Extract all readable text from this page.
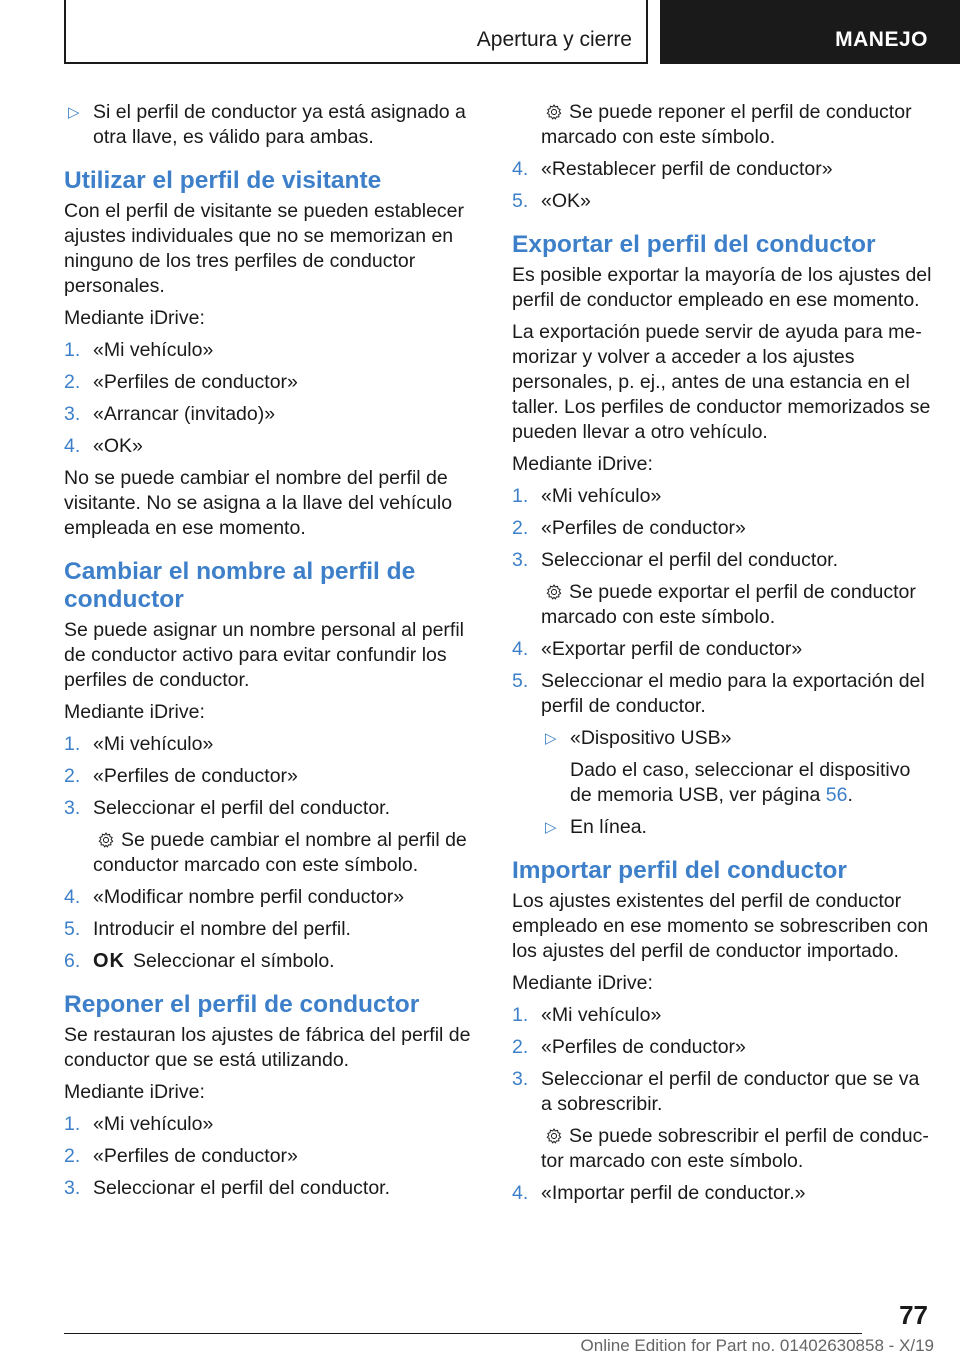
Apertura y cierre	MANEJO
▷ Si el perfil de conductor ya está asignado a otra llave, es válido para ambas.
Utilizar el perfil de visitante

Con el perfil de visitante se pueden establecer ajustes individuales que no se memorizan en ninguno de los tres perfiles de conductor personales.

Mediante iDrive:

1. «Mi vehículo»
2. «Perfiles de conductor»
3. «Arrancar (invitado)»
4. «OK»

No se puede cambiar el nombre del perfil de visitante. No se asigna a la llave del vehículo empleada en ese momento.

Cambiar el nombre al perfil de conductor

Se puede asignar un nombre personal al perfil de conductor activo para evitar confundir los perfiles de conductor.

Mediante iDrive:

1. «Mi vehículo»
2. «Perfiles de conductor»
3. Seleccionar el perfil del conductor.
Se puede cambiar el nombre al perfil de conductor marcado con este símbolo.
4. «Modificar nombre perfil conductor»
5. Introducir el nombre del perfil.
6. OK Seleccionar el símbolo.
Reponer el perfil de conductor

Se restauran los ajustes de fábrica del perfil de conductor que se está utilizando.

Mediante iDrive:

1. «Mi vehículo»
2. «Perfiles de conductor»
3. Seleccionar el perfil del conductor.
Se puede reponer el perfil de conductor marcado con este símbolo.
4. «Restablecer perfil de conductor»
5. «OK»
Exportar el perfil del conductor

Es posible exportar la mayoría de los ajustes del perfil de conductor empleado en ese momento.

La exportación puede servir de ayuda para memorizar y volver a acceder a los ajustes personales, p. ej., antes de una estancia en el taller. Los perfiles de conductor memorizados se pueden llevar a otro vehículo.

Mediante iDrive:

1. «Mi vehículo»
2. «Perfiles de conductor»
3. Seleccionar el perfil del conductor.
Se puede exportar el perfil de conductor marcado con este símbolo.
4. «Exportar perfil de conductor»
5. Seleccionar el medio para la exportación del perfil de conductor.
▷ «Dispositivo USB»
Dado el caso, seleccionar el dispositivo de memoria USB, ver página 56.
▷ En línea.
Importar perfil del conductor

Los ajustes existentes del perfil de conductor empleado en ese momento se sobrescriben con los ajustes del perfil de conductor importado.

Mediante iDrive:

1. «Mi vehículo»
2. «Perfiles de conductor»
3. Seleccionar el perfil de conductor que se va a sobrescribir.
Se puede sobrescribir el perfil de conductor marcado con este símbolo.
4. «Importar perfil de conductor.»
77
Online Edition for Part no. 01402630858 - X/19
